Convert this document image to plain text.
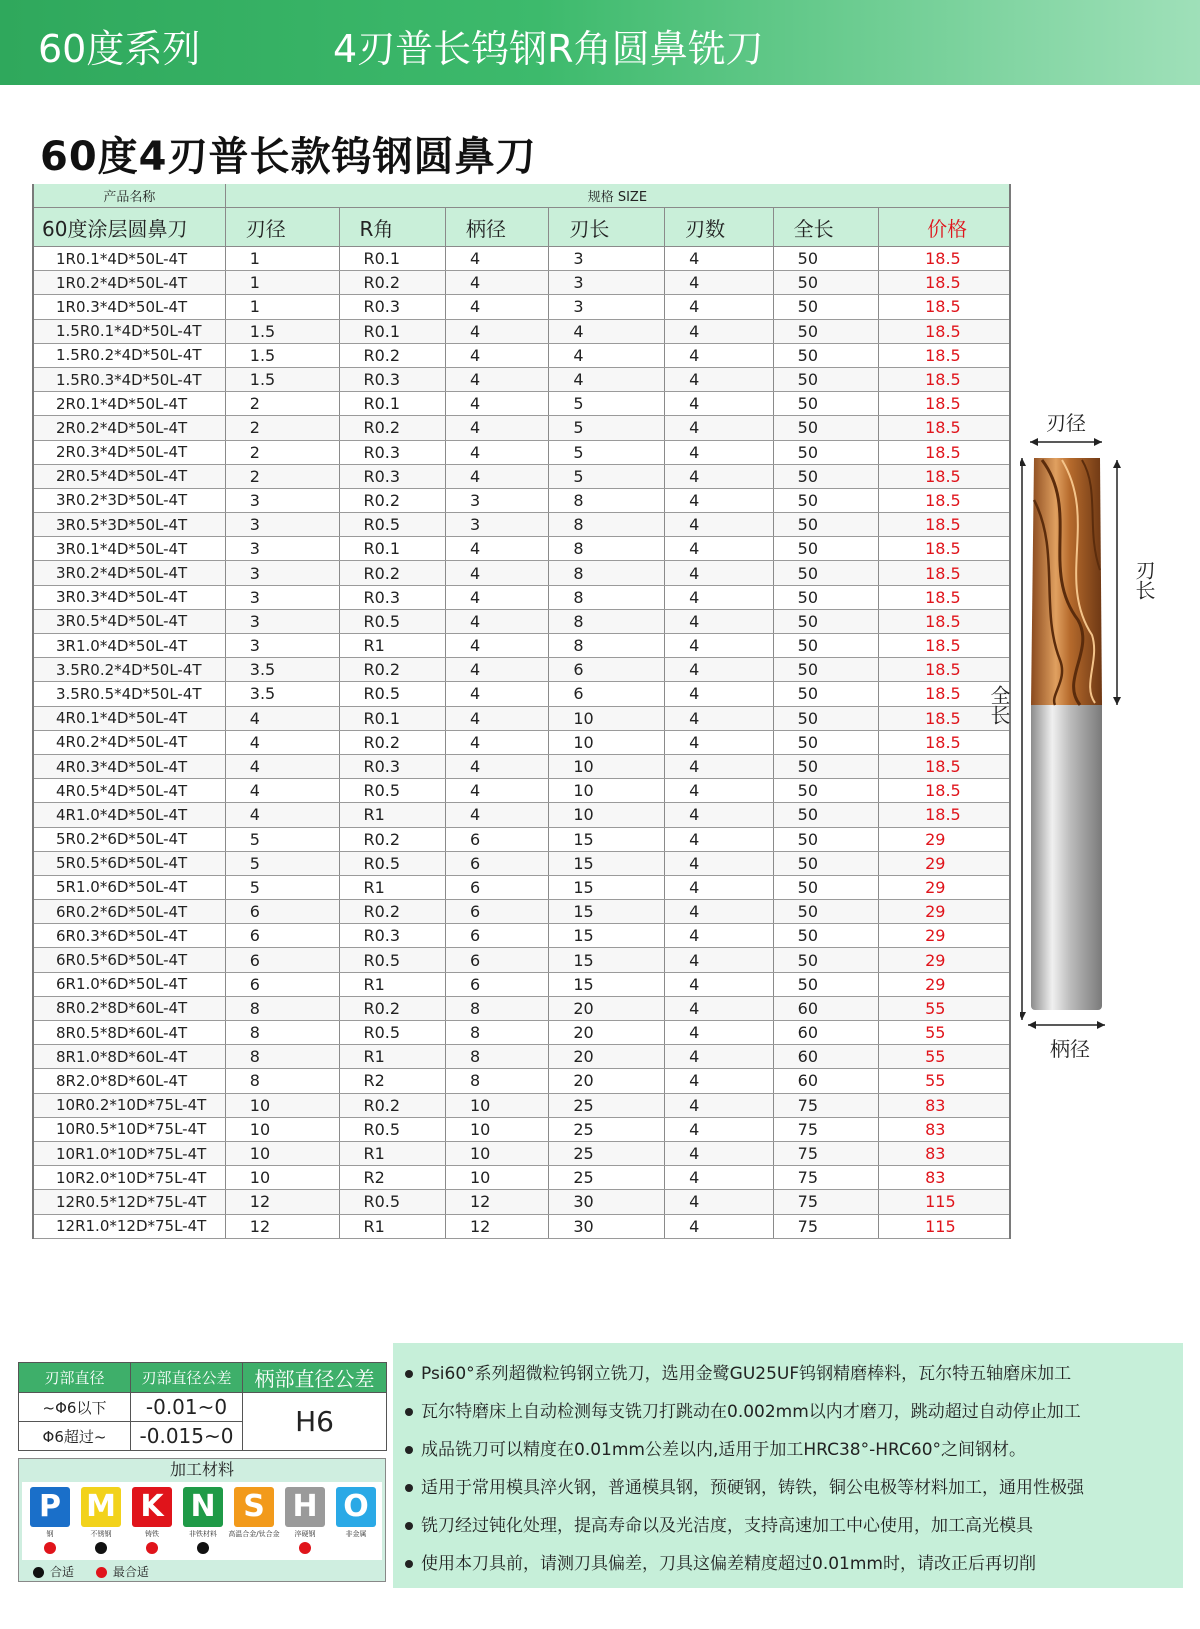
60度系列	4刃普长钨钢R角圆鼻铣刀
60度4刃普长款钨钢圆鼻刀
产品名称	规格 SIZE						
60度涂层圆鼻刀	刃径	R角	柄径	刃长	刃数	全长	价格
1R0.1*4D*50L-4T	1	R0.1	4	3	4	50	18.5
1R0.2*4D*50L-4T	1	R0.2	4	3	4	50	18.5
1R0.3*4D*50L-4T	1	R0.3	4	3	4	50	18.5
1.5R0.1*4D*50L-4T	1.5	R0.1	4	4	4	50	18.5
1.5R0.2*4D*50L-4T	1.5	R0.2	4	4	4	50	18.5
1.5R0.3*4D*50L-4T	1.5	R0.3	4	4	4	50	18.5
2R0.1*4D*50L-4T	2	R0.1	4	5	4	50	18.5
2R0.2*4D*50L-4T	2	R0.2	4	5	4	50	18.5
2R0.3*4D*50L-4T	2	R0.3	4	5	4	50	18.5
2R0.5*4D*50L-4T	2	R0.3	4	5	4	50	18.5
3R0.2*3D*50L-4T	3	R0.2	3	8	4	50	18.5
3R0.5*3D*50L-4T	3	R0.5	3	8	4	50	18.5
3R0.1*4D*50L-4T	3	R0.1	4	8	4	50	18.5
3R0.2*4D*50L-4T	3	R0.2	4	8	4	50	18.5
3R0.3*4D*50L-4T	3	R0.3	4	8	4	50	18.5
3R0.5*4D*50L-4T	3	R0.5	4	8	4	50	18.5
3R1.0*4D*50L-4T	3	R1	4	8	4	50	18.5
3.5R0.2*4D*50L-4T	3.5	R0.2	4	6	4	50	18.5
3.5R0.5*4D*50L-4T	3.5	R0.5	4	6	4	50	18.5
4R0.1*4D*50L-4T	4	R0.1	4	10	4	50	18.5
4R0.2*4D*50L-4T	4	R0.2	4	10	4	50	18.5
4R0.3*4D*50L-4T	4	R0.3	4	10	4	50	18.5
4R0.5*4D*50L-4T	4	R0.5	4	10	4	50	18.5
4R1.0*4D*50L-4T	4	R1	4	10	4	50	18.5
5R0.2*6D*50L-4T	5	R0.2	6	15	4	50	29
5R0.5*6D*50L-4T	5	R0.5	6	15	4	50	29
5R1.0*6D*50L-4T	5	R1	6	15	4	50	29
6R0.2*6D*50L-4T	6	R0.2	6	15	4	50	29
6R0.3*6D*50L-4T	6	R0.3	6	15	4	50	29
6R0.5*6D*50L-4T	6	R0.5	6	15	4	50	29
6R1.0*6D*50L-4T	6	R1	6	15	4	50	29
8R0.2*8D*60L-4T	8	R0.2	8	20	4	60	55
8R0.5*8D*60L-4T	8	R0.5	8	20	4	60	55
8R1.0*8D*60L-4T	8	R1	8	20	4	60	55
8R2.0*8D*60L-4T	8	R2	8	20	4	60	55
10R0.2*10D*75L-4T	10	R0.2	10	25	4	75	83
10R0.5*10D*75L-4T	10	R0.5	10	25	4	75	83
10R1.0*10D*75L-4T	10	R1	10	25	4	75	83
10R2.0*10D*75L-4T	10	R2	10	25	4	75	83
12R0.5*12D*75L-4T	12	R0.5	12	30	4	75	115
12R1.0*12D*75L-4T	12	R1	12	30	4	75	115
刃径
刃长
全长
柄径
刃部直径	刃部直径公差	柄部直径公差
~Φ6以下	-0.01~0	H6
Φ6超过~	-0.015~0	
加工材料
P
钢
M
不锈钢
K
铸铁
N
非铁材料
S
高温合金/钛合金
H
淬硬钢
O
非金属
合适	最合适
Psi60°系列超微粒钨钢立铣刀，选用金鹭GU25UF钨钢精磨棒料，瓦尔特五轴磨床加工
瓦尔特磨床上自动检测每支铣刀打跳动在0.002mm以内才磨刀，跳动超过自动停止加工
成品铣刀可以精度在0.01mm公差以内,适用于加工HRC38°-HRC60°之间钢材。
适用于常用模具淬火钢，普通模具钢，预硬钢，铸铁，铜公电极等材料加工，通用性极强
铣刀经过钝化处理，提高寿命以及光洁度，支持高速加工中心使用，加工高光模具
使用本刀具前，请测刀具偏差，刀具这偏差精度超过0.01mm时，请改正后再切削
